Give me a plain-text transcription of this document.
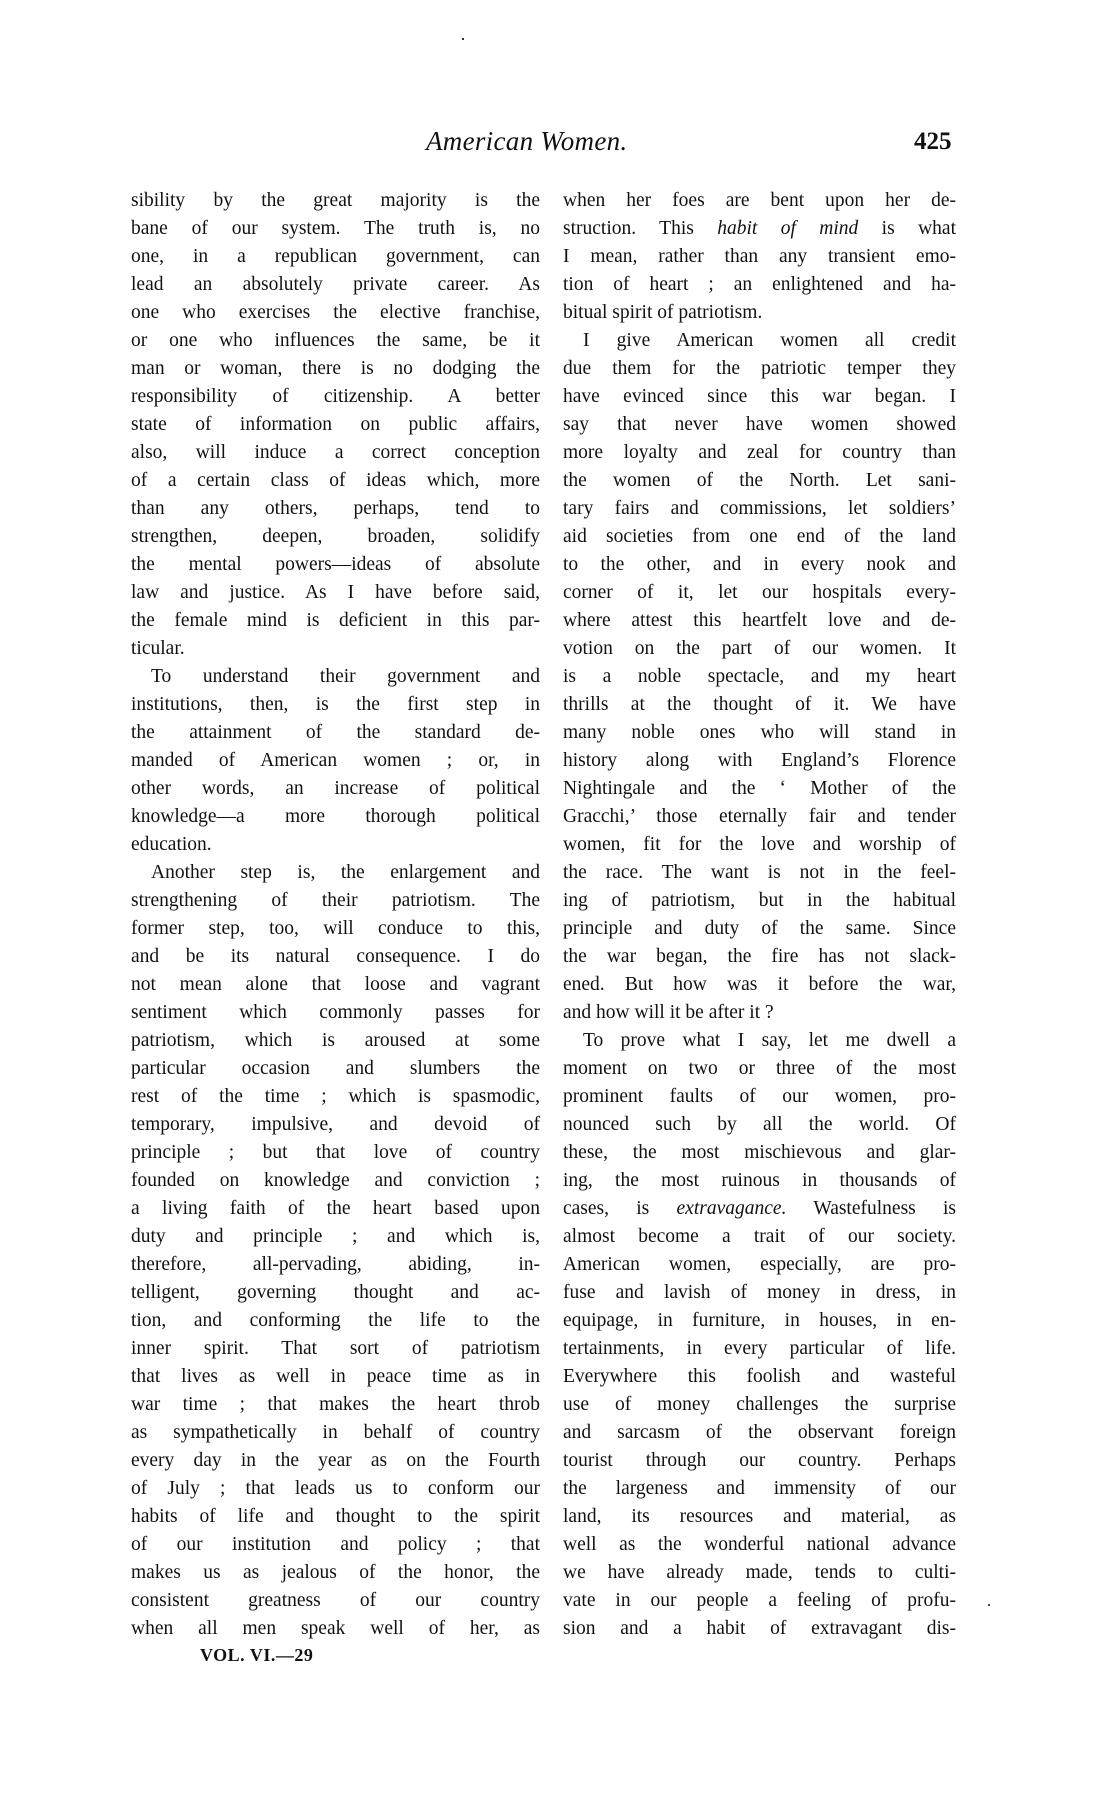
American Women.	425
sibility by the great majority is the
bane of our system. The truth is, no
one, in a republican government, can
lead an absolutely private career. As
one who exercises the elective franchise,
or one who influences the same, be it
man or woman, there is no dodging the
responsibility of citizenship. A better
state of information on public affairs,
also, will induce a correct conception
of a certain class of ideas which, more
than any others, perhaps, tend to
strengthen, deepen, broaden, solidify
the mental powers—ideas of absolute
law and justice. As I have before said,
the female mind is deficient in this par-
ticular.
To understand their government and
institutions, then, is the first step in
the attainment of the standard de-
manded of American women ; or, in
other words, an increase of political
knowledge—a more thorough political
education.
Another step is, the enlargement and
strengthening of their patriotism. The
former step, too, will conduce to this,
and be its natural consequence. I do
not mean alone that loose and vagrant
sentiment which commonly passes for
patriotism, which is aroused at some
particular occasion and slumbers the
rest of the time ; which is spasmodic,
temporary, impulsive, and devoid of
principle ; but that love of country
founded on knowledge and conviction ;
a living faith of the heart based upon
duty and principle ; and which is,
therefore, all-pervading, abiding, in-
telligent, governing thought and ac-
tion, and conforming the life to the
inner spirit. That sort of patriotism
that lives as well in peace time as in
war time ; that makes the heart throb
as sympathetically in behalf of country
every day in the year as on the Fourth
of July ; that leads us to conform our
habits of life and thought to the spirit
of our institution and policy ; that
makes us as jealous of the honor, the
consistent greatness of our country
when all men speak well of her, as
when her foes are bent upon her de-
struction. This habit of mind is what
I mean, rather than any transient emo-
tion of heart ; an enlightened and ha-
bitual spirit of patriotism.
I give American women all credit
due them for the patriotic temper they
have evinced since this war began. I
say that never have women showed
more loyalty and zeal for country than
the women of the North. Let sani-
tary fairs and commissions, let soldiers’
aid societies from one end of the land
to the other, and in every nook and
corner of it, let our hospitals every-
where attest this heartfelt love and de-
votion on the part of our women. It
is a noble spectacle, and my heart
thrills at the thought of it. We have
many noble ones who will stand in
history along with England’s Florence
Nightingale and the ‘ Mother of the
Gracchi,’ those eternally fair and tender
women, fit for the love and worship of
the race. The want is not in the feel-
ing of patriotism, but in the habitual
principle and duty of the same. Since
the war began, the fire has not slack-
ened. But how was it before the war,
and how will it be after it ?
To prove what I say, let me dwell a
moment on two or three of the most
prominent faults of our women, pro-
nounced such by all the world. Of
these, the most mischievous and glar-
ing, the most ruinous in thousands of
cases, is extravagance. Wastefulness is
almost become a trait of our society.
American women, especially, are pro-
fuse and lavish of money in dress, in
equipage, in furniture, in houses, in en-
tertainments, in every particular of life.
Everywhere this foolish and wasteful
use of money challenges the surprise
and sarcasm of the observant foreign
tourist through our country. Perhaps
the largeness and immensity of our
land, its resources and material, as
well as the wonderful national advance
we have already made, tends to culti-
vate in our people a feeling of profu-
sion and a habit of extravagant dis-
VOL. VI.—29
